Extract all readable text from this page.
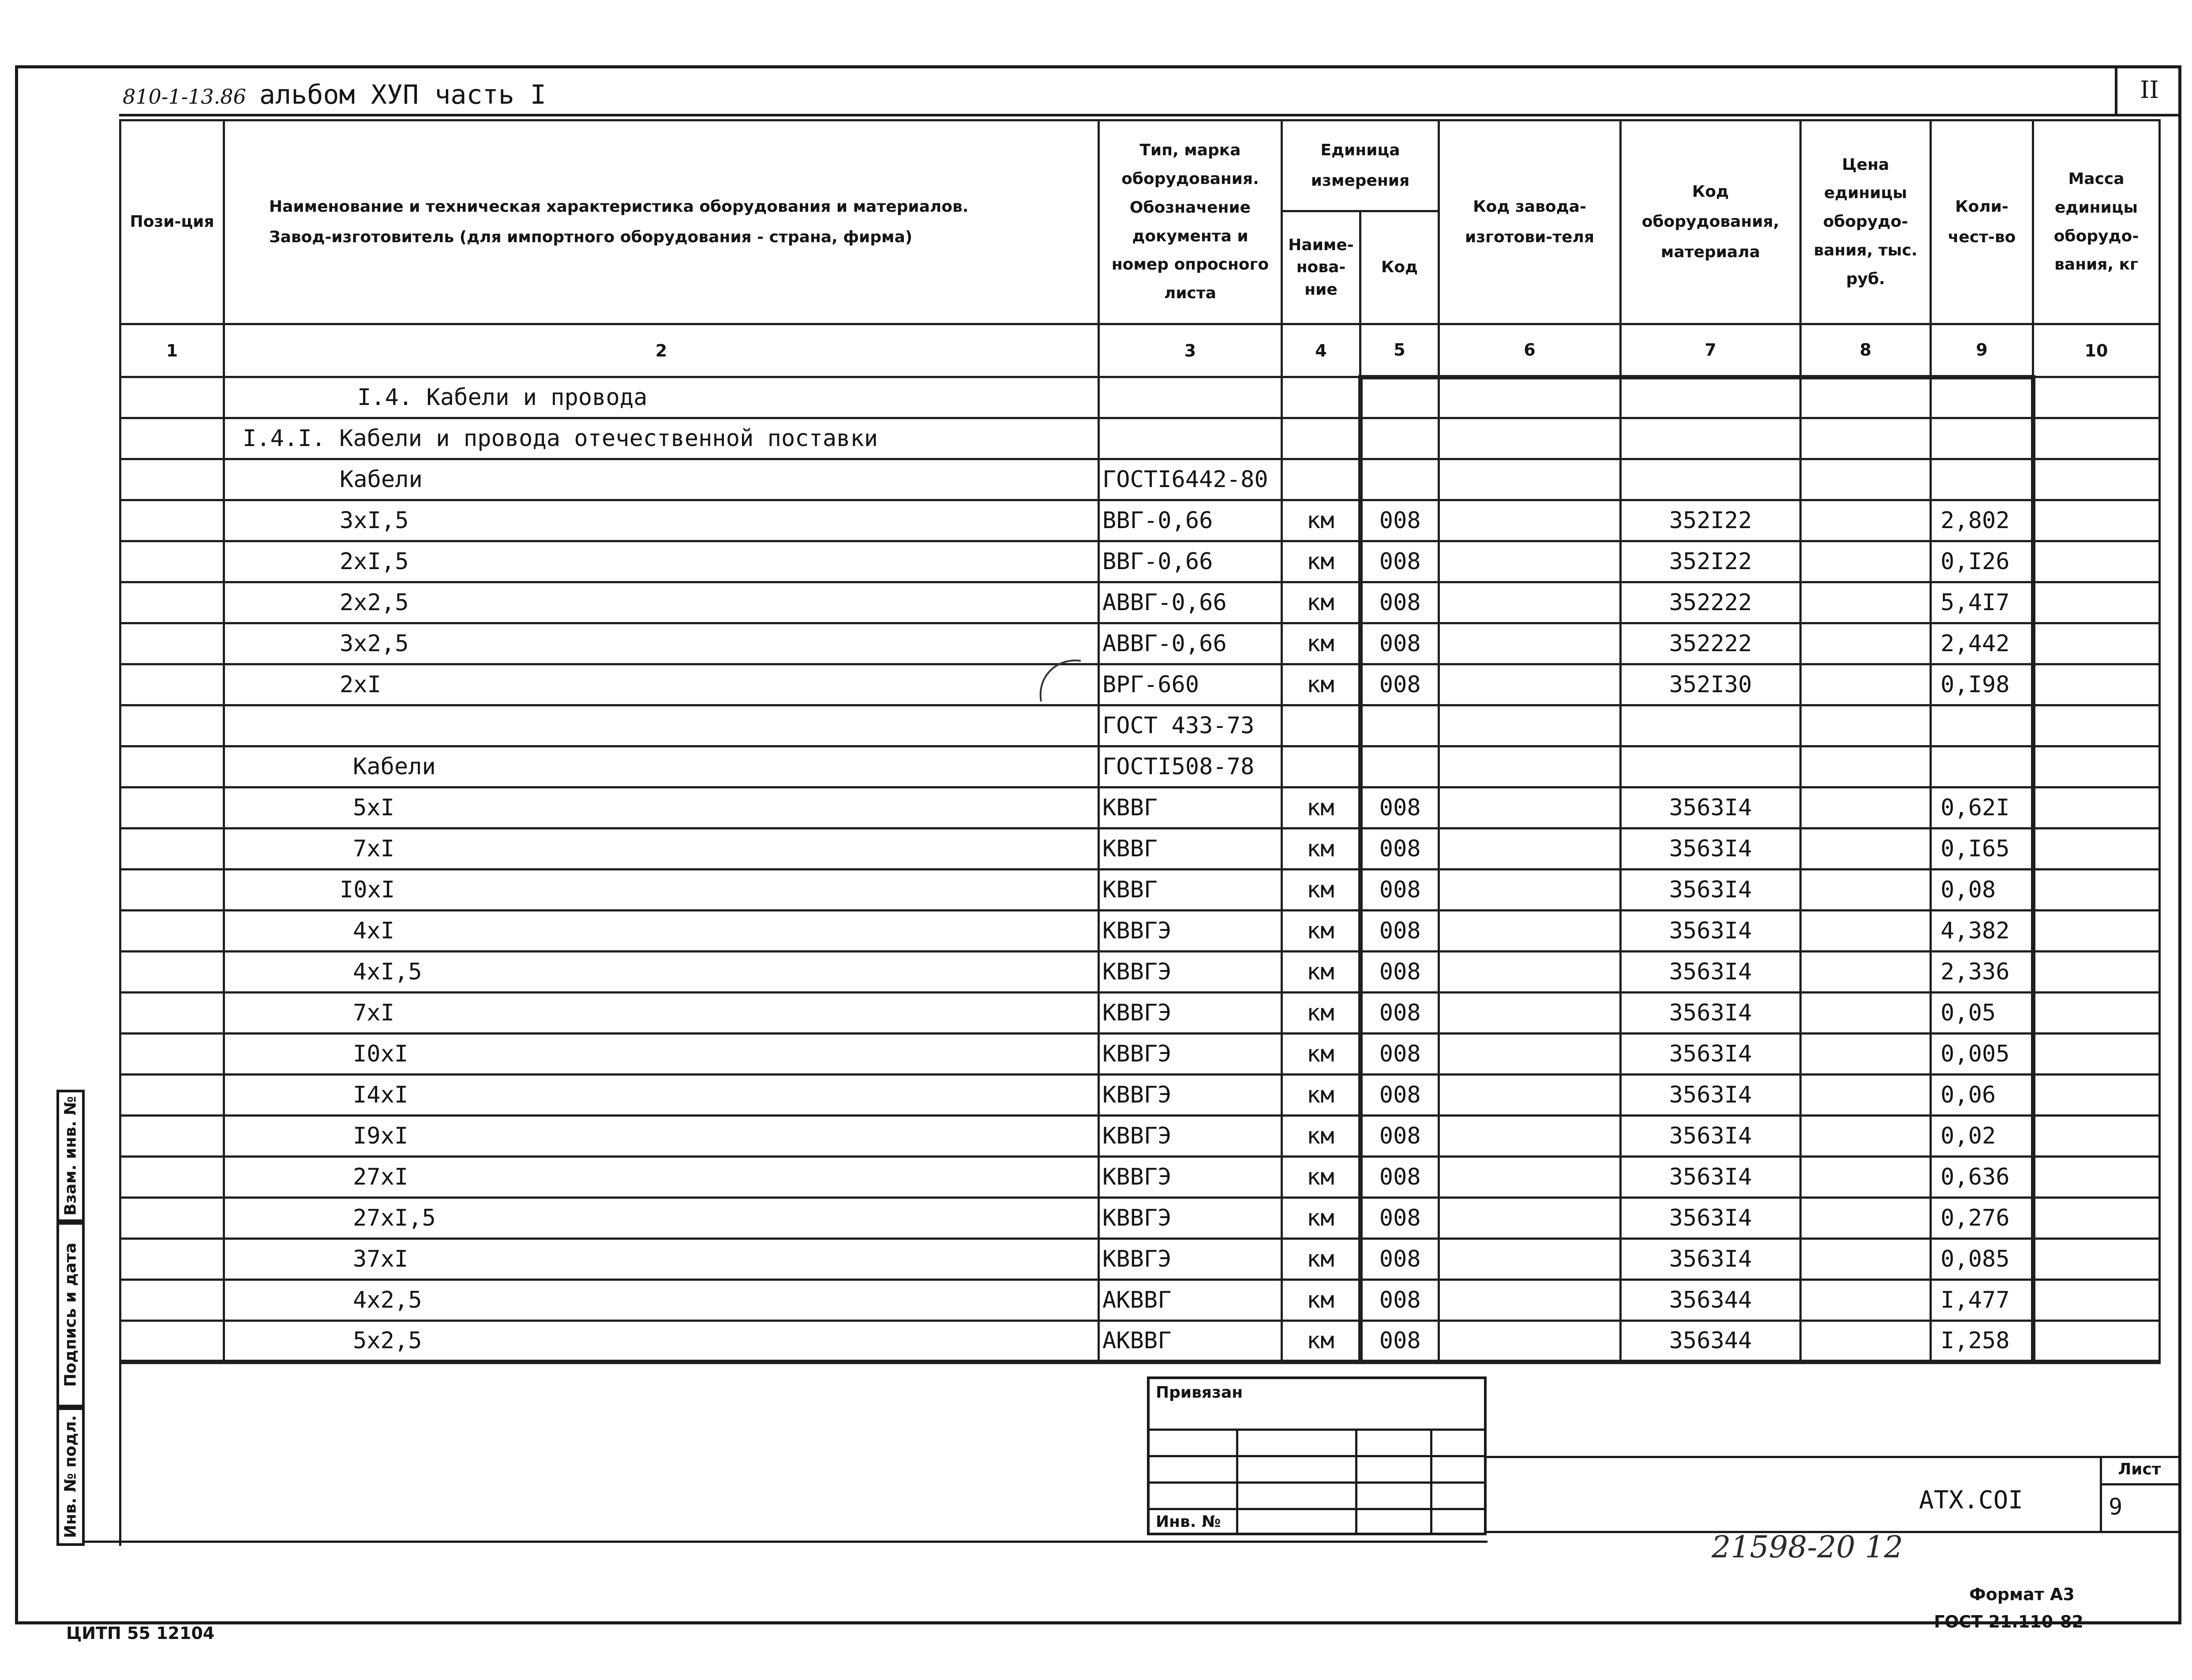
810-1-13.86 альбом ХУП часть I	II
Пози-ция	Наименование и техническая характеристика оборудования и материалов.
Завод-изготовитель (для импортного оборудования - страна, фирма)	Тип, марка оборудования. Обозначение документа и номер опросного листа	Единица измерения		Код завода-изготови-теля	Код оборудования, материала	Цена единицы оборудо-вания, тыс. руб.	Коли-чест-во	Масса единицы оборудо-вания, кг
			Наиме-нова-ние	Код					
1	2	3	4	5	6	7	8	9	10
	I.4. Кабели и провода								
	I.4.I. Кабели и провода отечественной поставки								
	Кабели	ГОСТI6442-80							
	3хI,5	ВВГ-0,66	км	008		352I22		2,802	
	2хI,5	ВВГ-0,66	км	008		352I22		0,I26	
	2х2,5	АВВГ-0,66	км	008		352222		5,4I7	
	3х2,5	АВВГ-0,66	км	008		352222		2,442	
	2хI	ВРГ-660	км	008		352I30		0,I98	
		ГОСТ 433-73							
	Кабели	ГОСТI508-78							
	5хI	КВВГ	км	008		3563I4		0,62I	
	7хI	КВВГ	км	008		3563I4		0,I65	
	I0хI	КВВГ	км	008		3563I4		0,08	
	4хI	КВВГЭ	км	008		3563I4		4,382	
	4хI,5	КВВГЭ	км	008		3563I4		2,336	
	7хI	КВВГЭ	км	008		3563I4		0,05	
	I0хI	КВВГЭ	км	008		3563I4		0,005	
	I4хI	КВВГЭ	км	008		3563I4		0,06	
	I9хI	КВВГЭ	км	008		3563I4		0,02	
	27хI	КВВГЭ	км	008		3563I4		0,636	
	27хI,5	КВВГЭ	км	008		3563I4		0,276	
	37хI	КВВГЭ	км	008		3563I4		0,085	
	4х2,5	АКВВГ	км	008		356344		I,477	
	5х2,5	АКВВГ	км	008		356344		I,258	
Взам. инв. №
Подпись и дата
Инв. № подл.
Привязан
Инв. №
АТХ.СОI
Лист
9
21598-20 12
Формат А3
ГОСТ 21.110-82
ЦИТП 55 12104
